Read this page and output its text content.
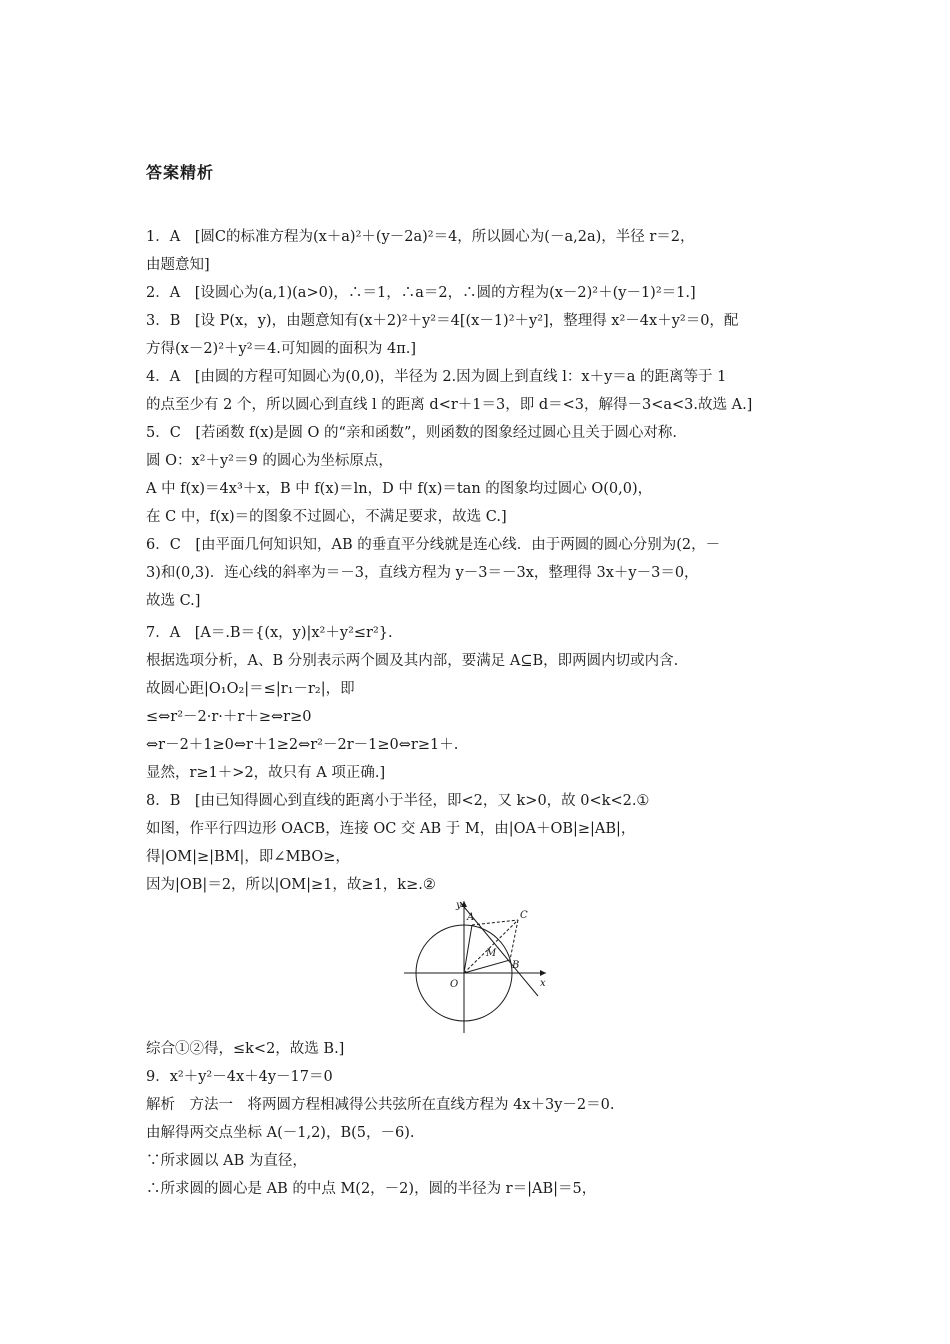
答案精析
1．A　[圆C的标准方程为(x＋a)²＋(y－2a)²＝4，所以圆心为(－a,2a)，半径 r＝2，
由题意知]
2．A　[设圆心为(a,1)(a>0)，∴＝1，∴a＝2，∴圆的方程为(x－2)²＋(y－1)²＝1.]
3．B　[设 P(x，y)，由题意知有(x＋2)²＋y²＝4[(x－1)²＋y²]，整理得 x²－4x＋y²＝0，配
方得(x－2)²＋y²＝4.可知圆的面积为 4π.]
4．A　[由圆的方程可知圆心为(0,0)，半径为 2.因为圆上到直线 l：x＋y＝a 的距离等于 1
的点至少有 2 个，所以圆心到直线 l 的距离 d<r＋1＝3，即 d＝<3，解得－3<a<3.故选 A.]
5．C　[若函数 f(x)是圆 O 的“亲和函数”，则函数的图象经过圆心且关于圆心对称.
圆 O：x²＋y²＝9 的圆心为坐标原点，
A 中 f(x)＝4x³＋x，B 中 f(x)＝ln，D 中 f(x)＝tan 的图象均过圆心 O(0,0)，
在 C 中，f(x)＝的图象不过圆心，不满足要求，故选 C.]
6．C　[由平面几何知识知，AB 的垂直平分线就是连心线．由于两圆的圆心分别为(2，－
3)和(0,3)．连心线的斜率为＝－3，直线方程为 y－3＝－3x，整理得 3x＋y－3＝0，
故选 C.]
7．A　[A＝.B＝{(x，y)|x²＋y²≤r²}.
根据选项分析，A、B 分别表示两个圆及其内部，要满足 A⊆B，即两圆内切或内含.
故圆心距|O₁O₂|＝≤|r₁－r₂|，即
≤⇔r²－2·r·＋r＋≥⇔r≥0
⇔r－2＋1≥0⇔r＋1≥2⇔r²－2r－1≥0⇔r≥1＋.
显然，r≥1＋>2，故只有 A 项正确.]
8．B　[由已知得圆心到直线的距离小于半径，即<2，又 k>0，故 0<k<2.①
如图，作平行四边形 OACB，连接 OC 交 AB 于 M，由|OA＋OB|≥|AB|，
得|OM|≥|BM|，即∠MBO≥，
因为|OB|＝2，所以|OM|≥1，故≥1，k≥.②
y
x
A	C
M
B
O
综合①②得，≤k<2，故选 B.]
9．x²＋y²－4x＋4y－17＝0
解析　方法一　将两圆方程相减得公共弦所在直线方程为 4x＋3y－2＝0.
由解得两交点坐标 A(－1,2)，B(5，－6).
∵所求圆以 AB 为直径，
∴所求圆的圆心是 AB 的中点 M(2，－2)，圆的半径为 r＝|AB|＝5，
